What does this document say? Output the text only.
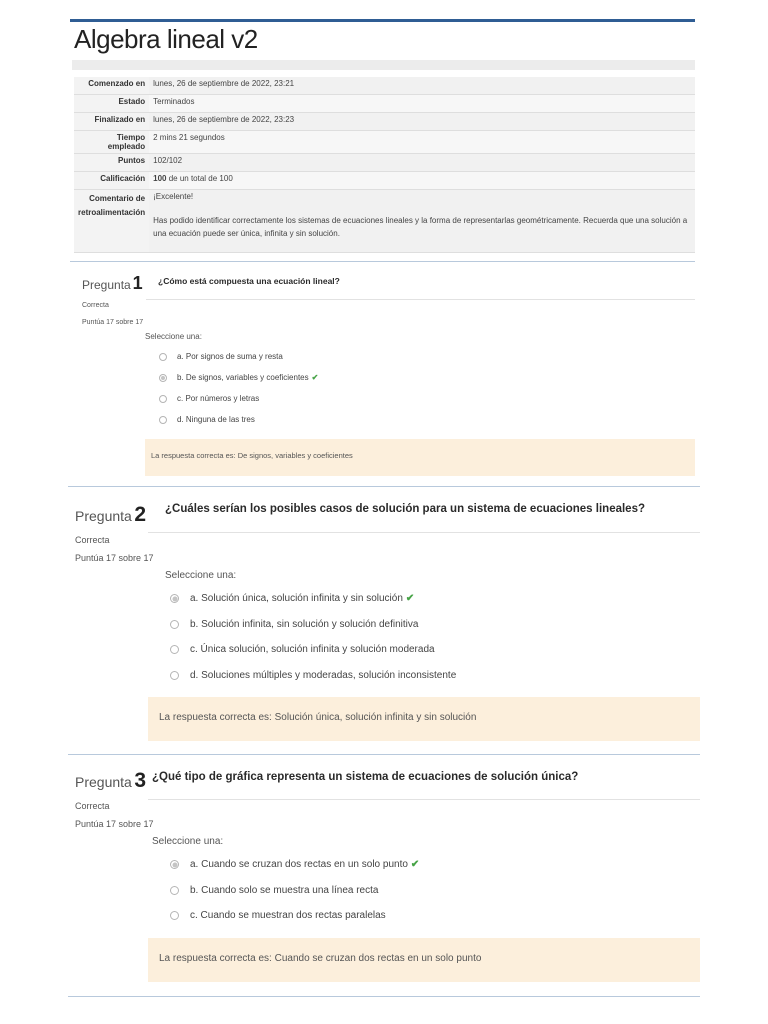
Algebra lineal v2
Comenzado en	lunes, 26 de septiembre de 2022, 23:21
Estado	Terminados
Finalizado en	lunes, 26 de septiembre de 2022, 23:23
Tiempo empleado	2 mins 21 segundos
Puntos	102/102
Calificación	100 de un total de 100
Comentario de retroalimentación	¡Excelente!
Has podido identificar correctamente los sistemas de ecuaciones lineales y la forma de representarlas geométricamente. Recuerda que una solución a una ecuación puede ser única, infinita y sin solución.
Pregunta 1
Correcta
Puntúa 17 sobre 17
¿Cómo está compuesta una ecuación lineal?
Seleccione una:
a. Por signos de suma y resta
b. De signos, variables y coeficientes ✔
c. Por números y letras
d. Ninguna de las tres
La respuesta correcta es: De signos, variables y coeficientes
Pregunta 2
Correcta
Puntúa 17 sobre 17
¿Cuáles serían los posibles casos de solución para un sistema de ecuaciones lineales?
Seleccione una:
a. Solución única, solución infinita y sin solución ✔
b. Solución infinita, sin solución y solución definitiva
c. Única solución, solución infinita y solución moderada
d. Soluciones múltiples y moderadas, solución inconsistente
La respuesta correcta es: Solución única, solución infinita y sin solución
Pregunta 3
Correcta
Puntúa 17 sobre 17
¿Qué tipo de gráfica representa un sistema de ecuaciones de solución única?
Seleccione una:
a. Cuando se cruzan dos rectas en un solo punto ✔
b. Cuando solo se muestra una línea recta
c. Cuando se muestran dos rectas paralelas
La respuesta correcta es: Cuando se cruzan dos rectas en un solo punto
